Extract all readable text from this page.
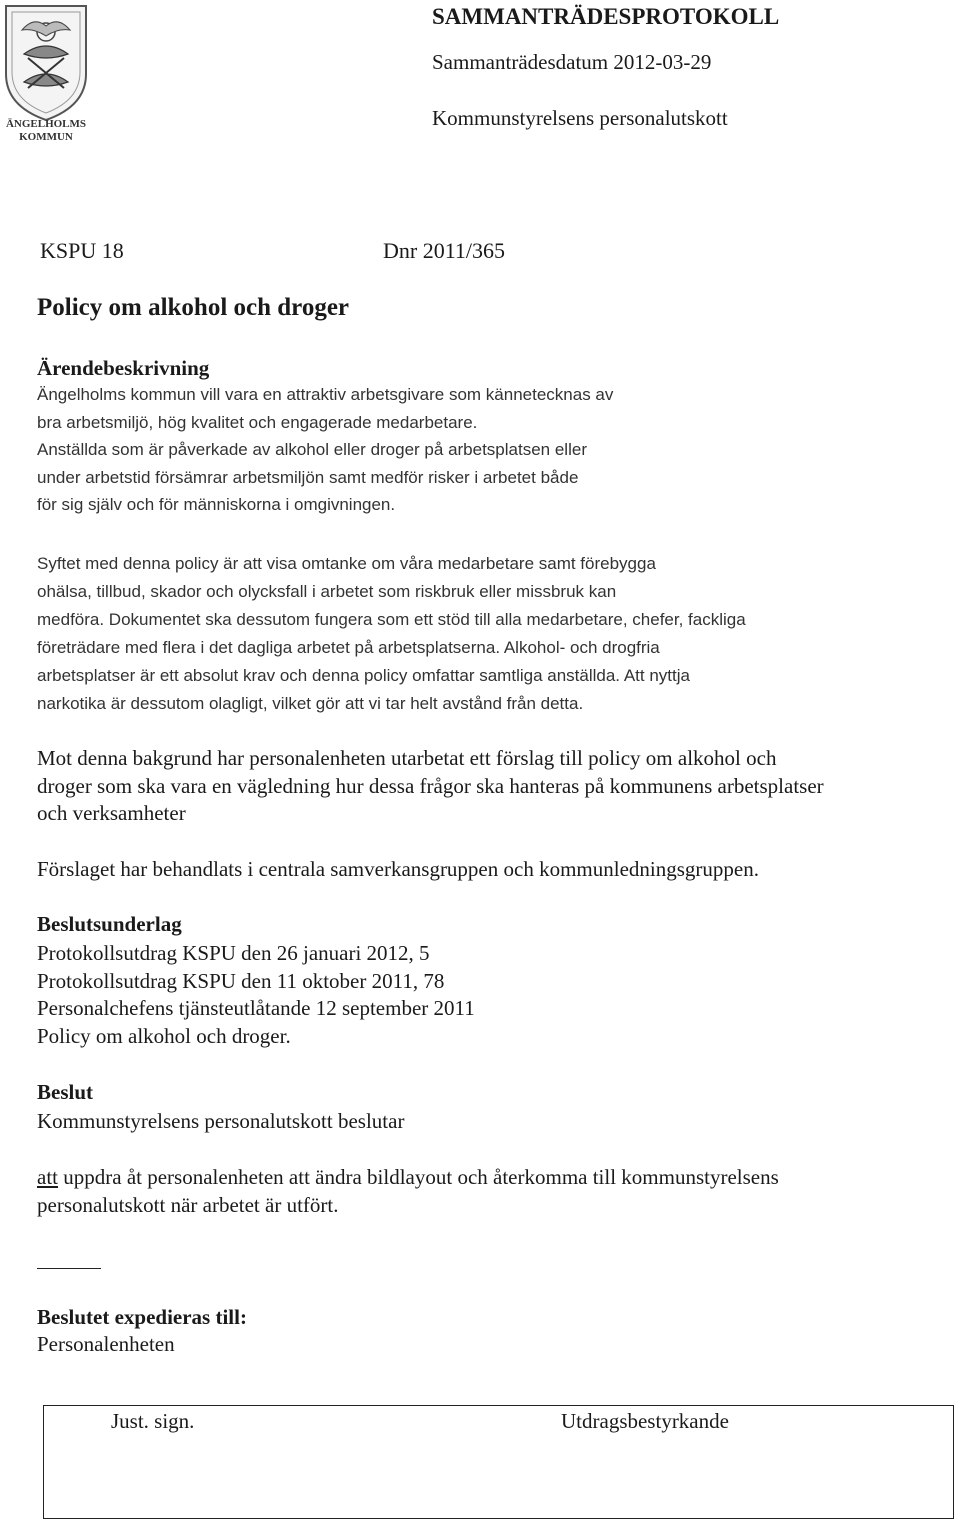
ÄNGELHOLMS
KOMMUN
SAMMANTRÄDESPROTOKOLL
Sammanträdesdatum 2012-03-29
Kommunstyrelsens personalutskott
KSPU 18	Dnr 2011/365
Policy om alkohol och droger
Ärendebeskrivning
Ängelholms kommun vill vara en attraktiv arbetsgivare som kännetecknas av
bra arbetsmiljö, hög kvalitet och engagerade medarbetare.
Anställda som är påverkade av alkohol eller droger på arbetsplatsen eller
under arbetstid försämrar arbetsmiljön samt medför risker i arbetet både
för sig själv och för människorna i omgivningen.
Syftet med denna policy är att visa omtanke om våra medarbetare samt förebygga
ohälsa, tillbud, skador och olycksfall i arbetet som riskbruk eller missbruk kan
medföra. Dokumentet ska dessutom fungera som ett stöd till alla medarbetare, chefer, fackliga
företrädare med flera i det dagliga arbetet på arbetsplatserna. Alkohol- och drogfria
arbetsplatser är ett absolut krav och denna policy omfattar samtliga anställda. Att nyttja
narkotika är dessutom olagligt, vilket gör att vi tar helt avstånd från detta.
Mot denna bakgrund har personalenheten utarbetat ett förslag till policy om alkohol och
droger som ska vara en vägledning hur dessa frågor ska hanteras på kommunens arbetsplatser
och verksamheter
Förslaget har behandlats i centrala samverkansgruppen och kommunledningsgruppen.
Beslutsunderlag
Protokollsutdrag KSPU den 26 januari 2012, 5
Protokollsutdrag KSPU den 11 oktober 2011, 78
Personalchefens tjänsteutlåtande 12 september 2011
Policy om alkohol och droger.
Beslut
Kommunstyrelsens personalutskott beslutar
att uppdra åt personalenheten att ändra bildlayout och återkomma till kommunstyrelsens
personalutskott när arbetet är utfört.
Beslutet expedieras till:
Personalenheten
Just. sign.	Utdragsbestyrkande
